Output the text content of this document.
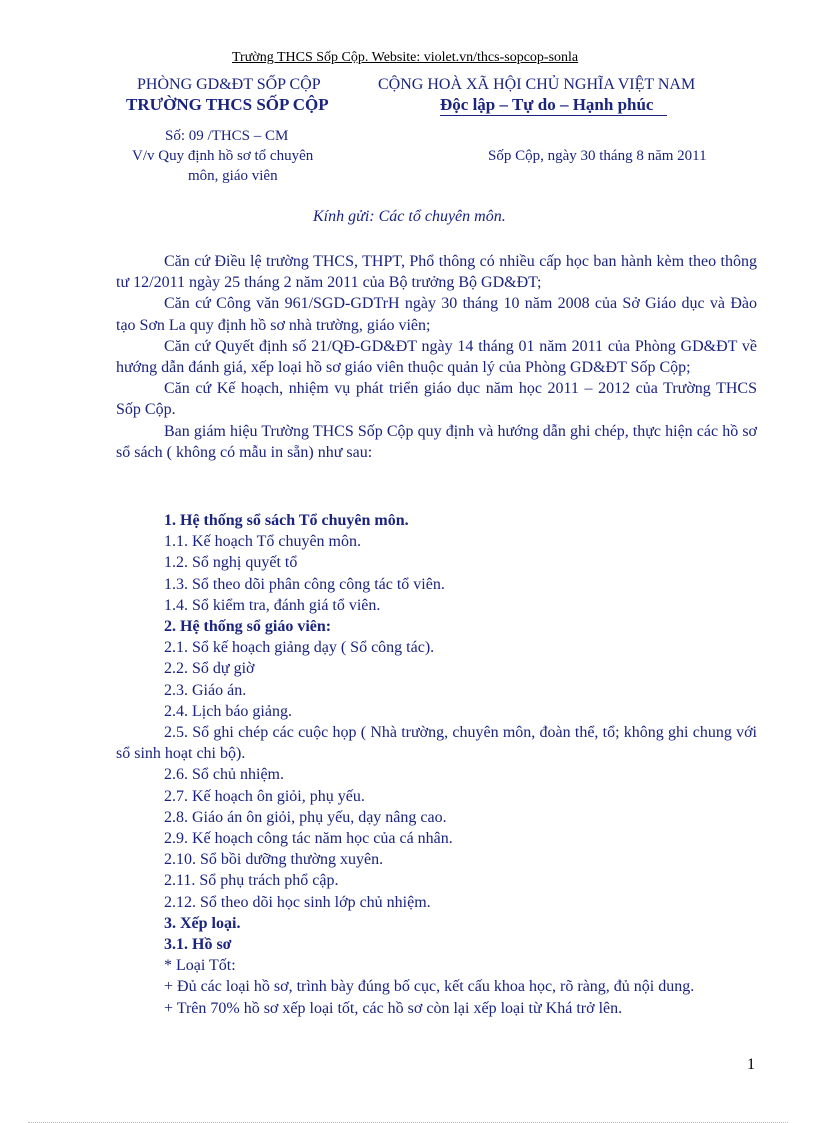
Trường THCS Sốp Cộp. Website: violet.vn/thcs-sopcop-sonla
PHÒNG GD&ĐT SỐP CỘP
TRƯỜNG THCS SỐP CỘP
CỘNG HOÀ XÃ HỘI CHỦ NGHĨA VIỆT NAM
Độc lập – Tự do – Hạnh phúc
Số: 09 /THCS – CM
V/v Quy định hồ sơ tổ chuyên
môn, giáo viên
Sốp Cộp, ngày 30 tháng 8 năm 2011
Kính gửi: Các tổ chuyên môn.

Căn cứ Điều lệ trường THCS, THPT, Phổ thông có nhiều cấp học ban hành kèm theo thông tư 12/2011 ngày 25 tháng 2 năm 2011 của Bộ trưởng Bộ GD&ĐT;

Căn cứ Công văn 961/SGD-GDTrH ngày 30 tháng 10 năm 2008 của Sở Giáo dục và Đào tạo Sơn La quy định hồ sơ nhà trường, giáo viên;

Căn cứ Quyết định số 21/QĐ-GD&ĐT ngày 14 tháng 01 năm 2011 của Phòng GD&ĐT về hướng dẫn đánh giá, xếp loại hồ sơ giáo viên thuộc quản lý của Phòng GD&ĐT Sốp Cộp;

Căn cứ Kế hoạch, nhiệm vụ phát triển giáo dục năm học 2011 – 2012 của Trường THCS Sốp Cộp.

Ban giám hiệu Trường THCS Sốp Cộp quy định và hướng dẫn ghi chép, thực hiện các hồ sơ sổ sách ( không có mẫu in sẵn) như sau:

1. Hệ thống sổ sách Tổ chuyên môn.
1.1. Kế hoạch Tổ chuyên môn.
1.2. Sổ nghị quyết tổ
1.3. Sổ theo dõi phân công công tác tổ viên.
1.4. Sổ kiểm tra, đánh giá tổ viên.
2. Hệ thống sổ giáo viên:
2.1. Sổ kế hoạch giảng dạy ( Sổ công tác).
2.2. Sổ dự giờ
2.3. Giáo án.
2.4. Lịch báo giảng.
2.5. Sổ ghi chép các cuộc họp ( Nhà trường, chuyên môn, đoàn thể, tổ; không ghi chung với sổ sinh hoạt chi bộ).
2.6. Sổ chủ nhiệm.
2.7. Kế hoạch ôn giỏi, phụ yếu.
2.8. Giáo án ôn giỏi, phụ yếu, dạy nâng cao.
2.9. Kế hoạch công tác năm học của cá nhân.
2.10. Sổ bồi dưỡng thường xuyên.
2.11. Sổ phụ trách phổ cập.
2.12. Sổ theo dõi học sinh lớp chủ nhiệm.
3. Xếp loại.
3.1. Hồ sơ
* Loại Tốt:
+ Đủ các loại hồ sơ, trình bày đúng bố cục, kết cấu khoa học, rõ ràng, đủ nội dung.
+ Trên 70% hồ sơ xếp loại tốt, các hồ sơ còn lại xếp loại từ Khá trở lên.
1
